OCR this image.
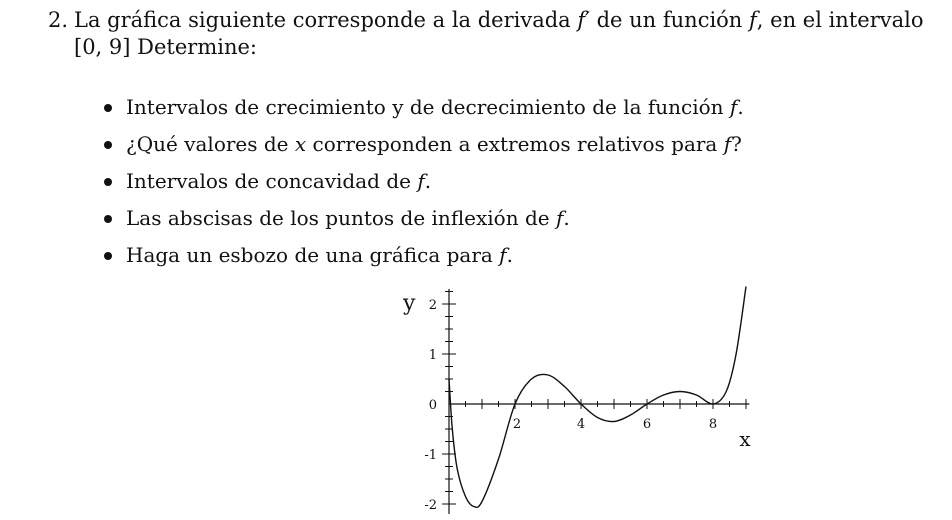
2. La gráfica siguiente corresponde a la derivada f′ de un función f, en el intervalo
[0, 9] Determine:
Intervalos de crecimiento y de decrecimiento de la función f.
¿Qué valores de x corresponden a extremos relativos para f?
Intervalos de concavidad de f.
Las abscisas de los puntos de inflexión de f.
Haga un esbozo de una gráfica para f.
2	4	6	8
2
1
0
-1
-2
y
x
